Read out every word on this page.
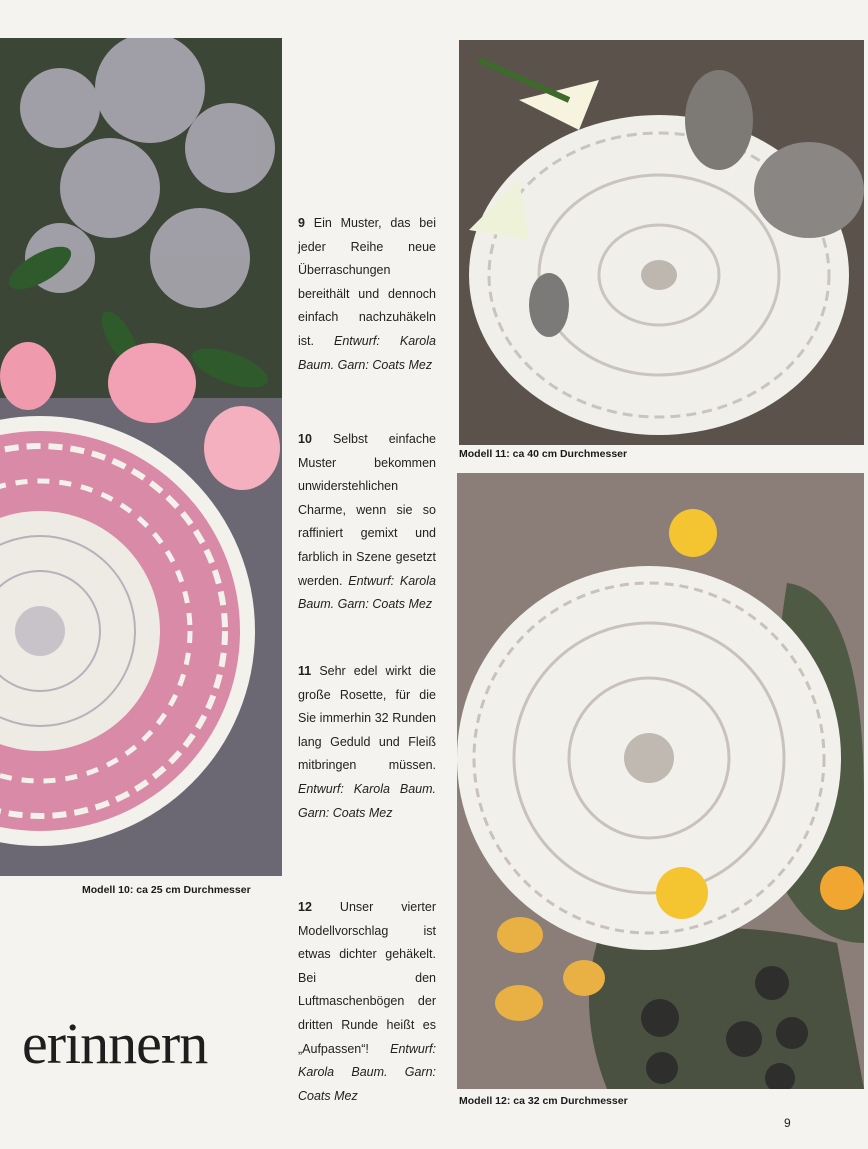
Modell 10: ca 25 cm Durchmesser
Modell 11: ca 40 cm Durchmesser
Modell 12: ca 32 cm Durchmesser

9 Ein Muster, das bei jeder Reihe neue Überraschungen bereithält und dennoch einfach nachzuhäkeln ist. Entwurf: Karola Baum. Garn: Coats Mez

10 Selbst einfache Muster bekommen unwiderstehlichen Charme, wenn sie so raffiniert gemixt und farblich in Szene gesetzt werden. Entwurf: Karola Baum. Garn: Coats Mez

11 Sehr edel wirkt die große Rosette, für die Sie immerhin 32 Runden lang Geduld und Fleiß mitbringen müssen. Entwurf: Karola Baum. Garn: Coats Mez

12 Unser vierter Modellvorschlag ist etwas dichter gehäkelt. Bei den Luftmaschenbögen der dritten Runde heißt es „Aufpassen“! Entwurf: Karola Baum. Garn: Coats Mez

erinnern
9
